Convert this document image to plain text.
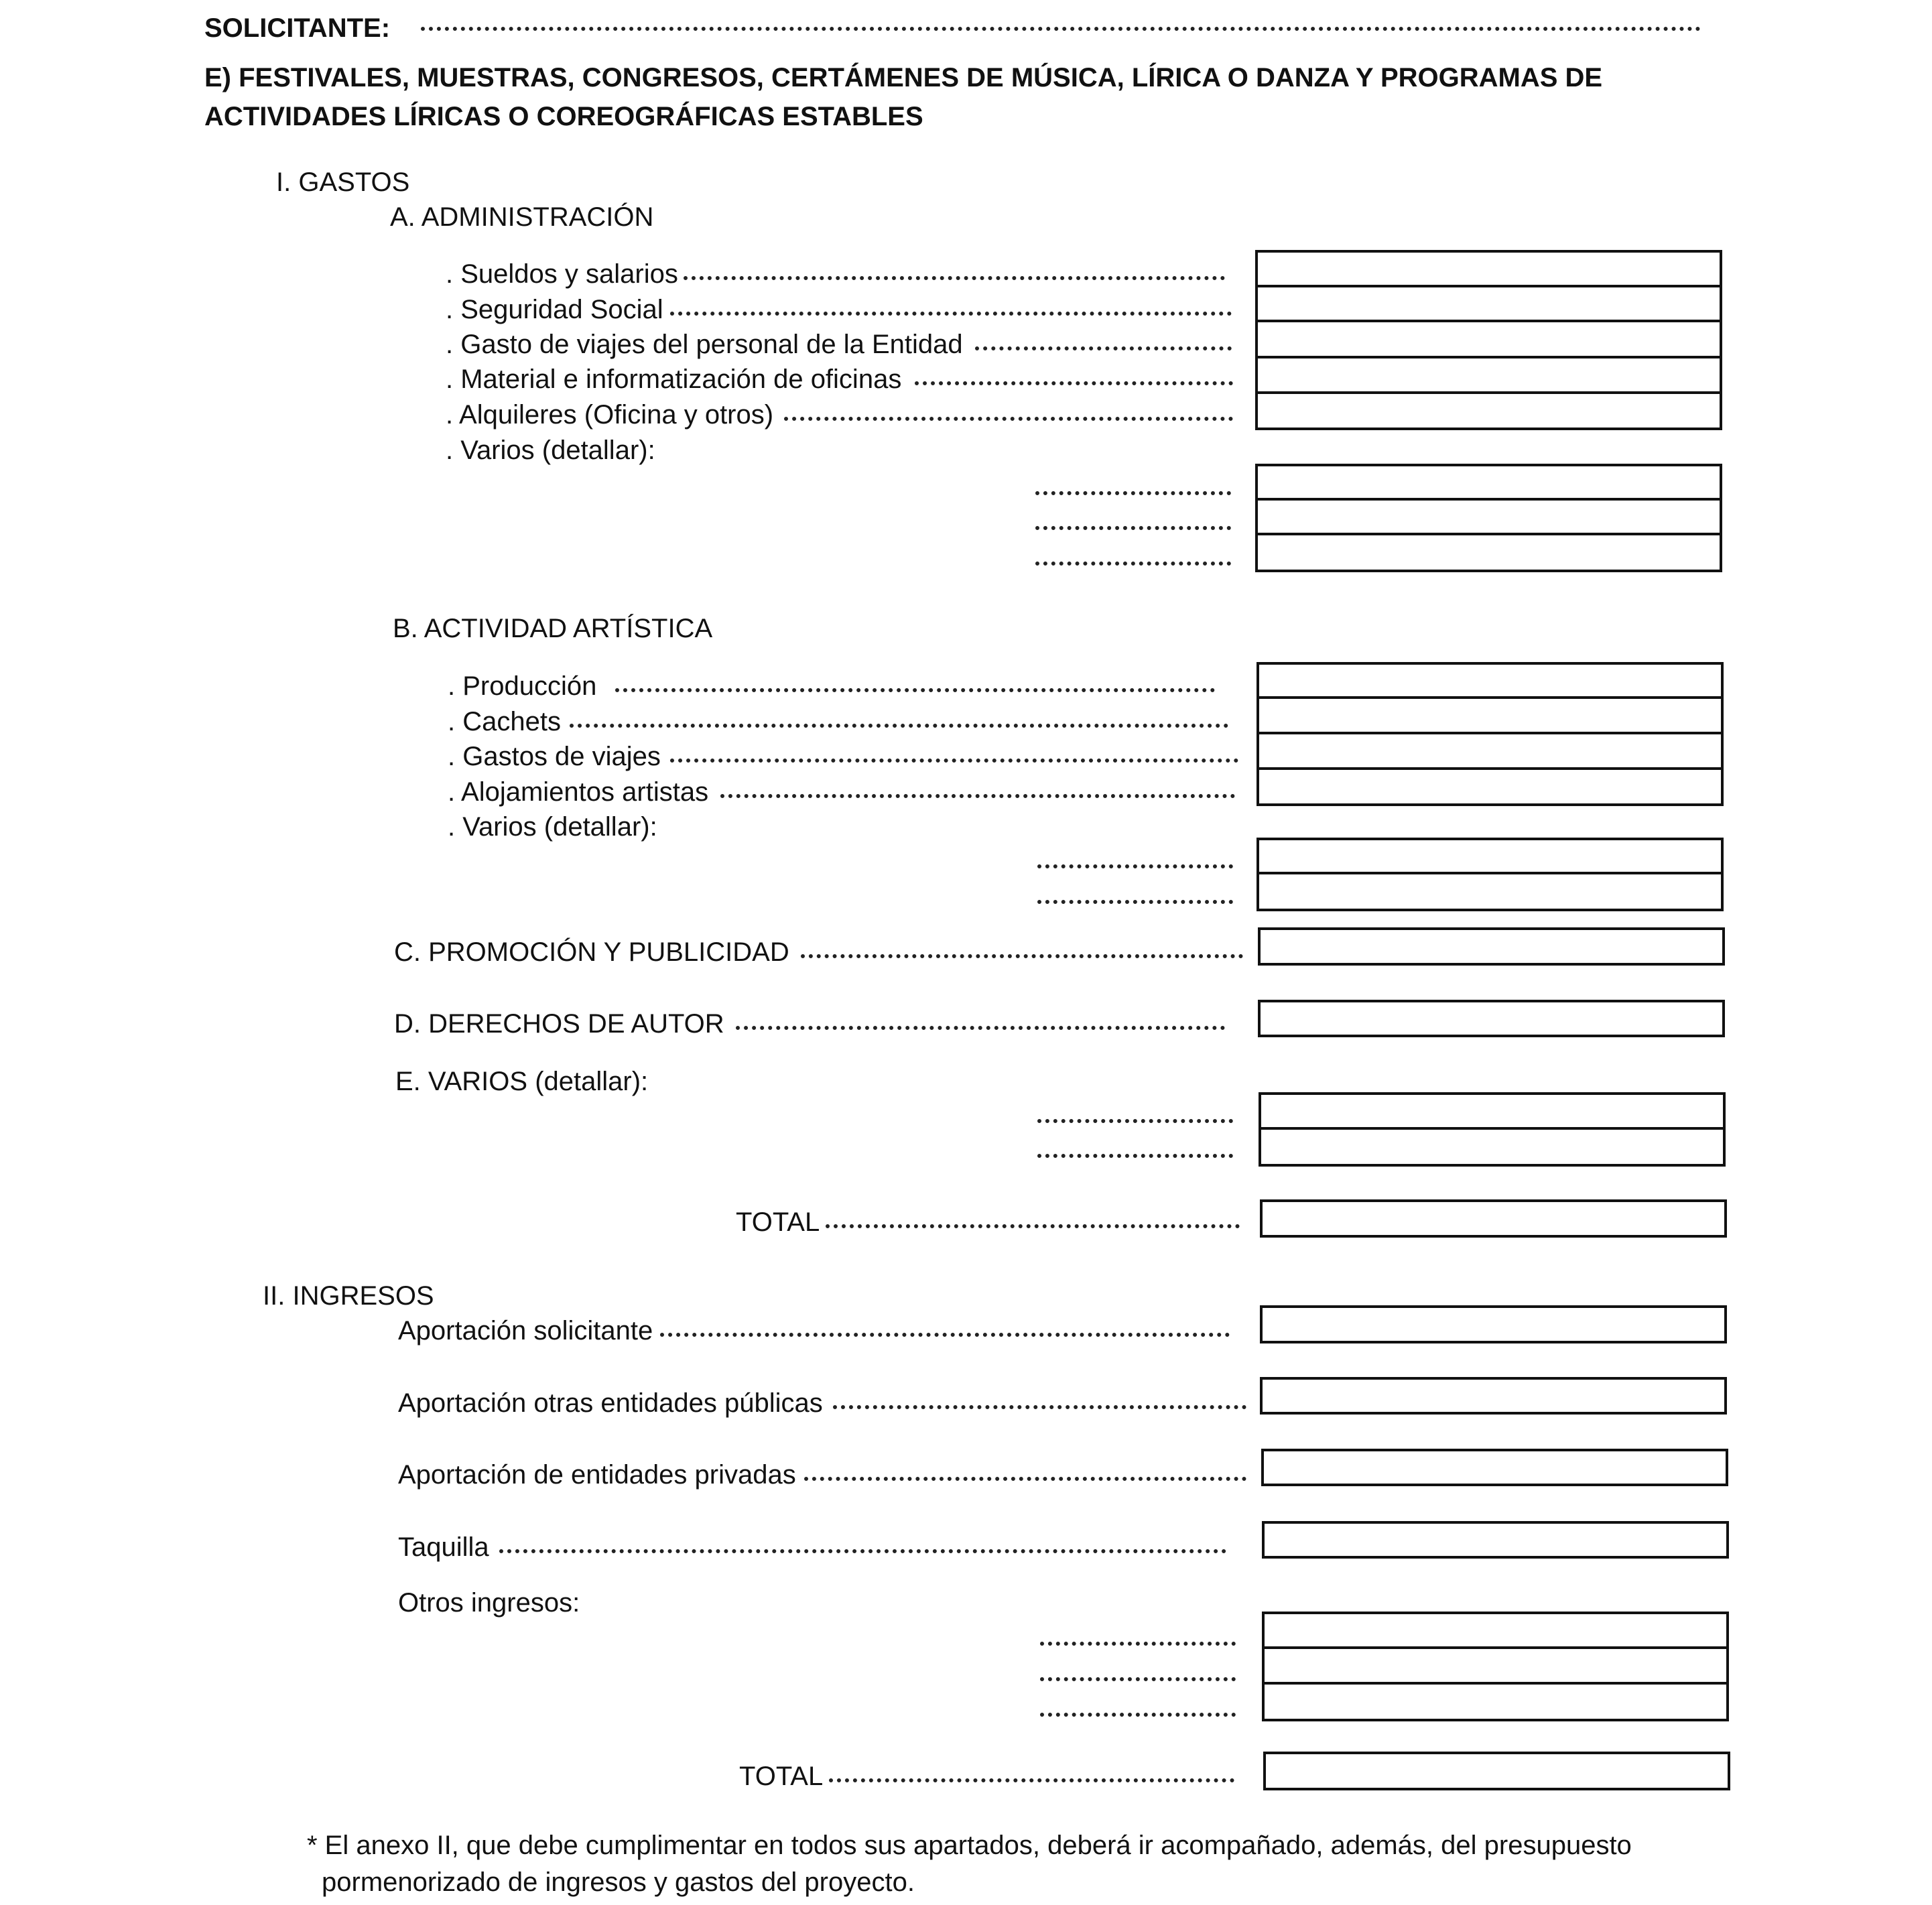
SOLICITANTE:
E) FESTIVALES, MUESTRAS, CONGRESOS, CERTÁMENES DE MÚSICA, LÍRICA O DANZA Y PROGRAMAS DE
ACTIVIDADES LÍRICAS O COREOGRÁFICAS ESTABLES
I. GASTOS
A. ADMINISTRACIÓN
. Sueldos y salarios
. Seguridad Social
. Gasto de viajes del personal de la Entidad
. Material e informatización de oficinas
. Alquileres (Oficina y otros)
. Varios (detallar):
B. ACTIVIDAD ARTÍSTICA
. Producción
. Cachets
. Gastos de viajes
. Alojamientos artistas
. Varios (detallar):
C. PROMOCIÓN Y PUBLICIDAD
D. DERECHOS DE AUTOR
E. VARIOS (detallar):
TOTAL
II. INGRESOS
Aportación solicitante
Aportación otras entidades públicas
Aportación de entidades privadas
Taquilla
Otros ingresos:
TOTAL
* El anexo II, que debe cumplimentar en todos sus apartados, deberá ir acompañado, además, del presupuesto
pormenorizado de ingresos y gastos del proyecto.
